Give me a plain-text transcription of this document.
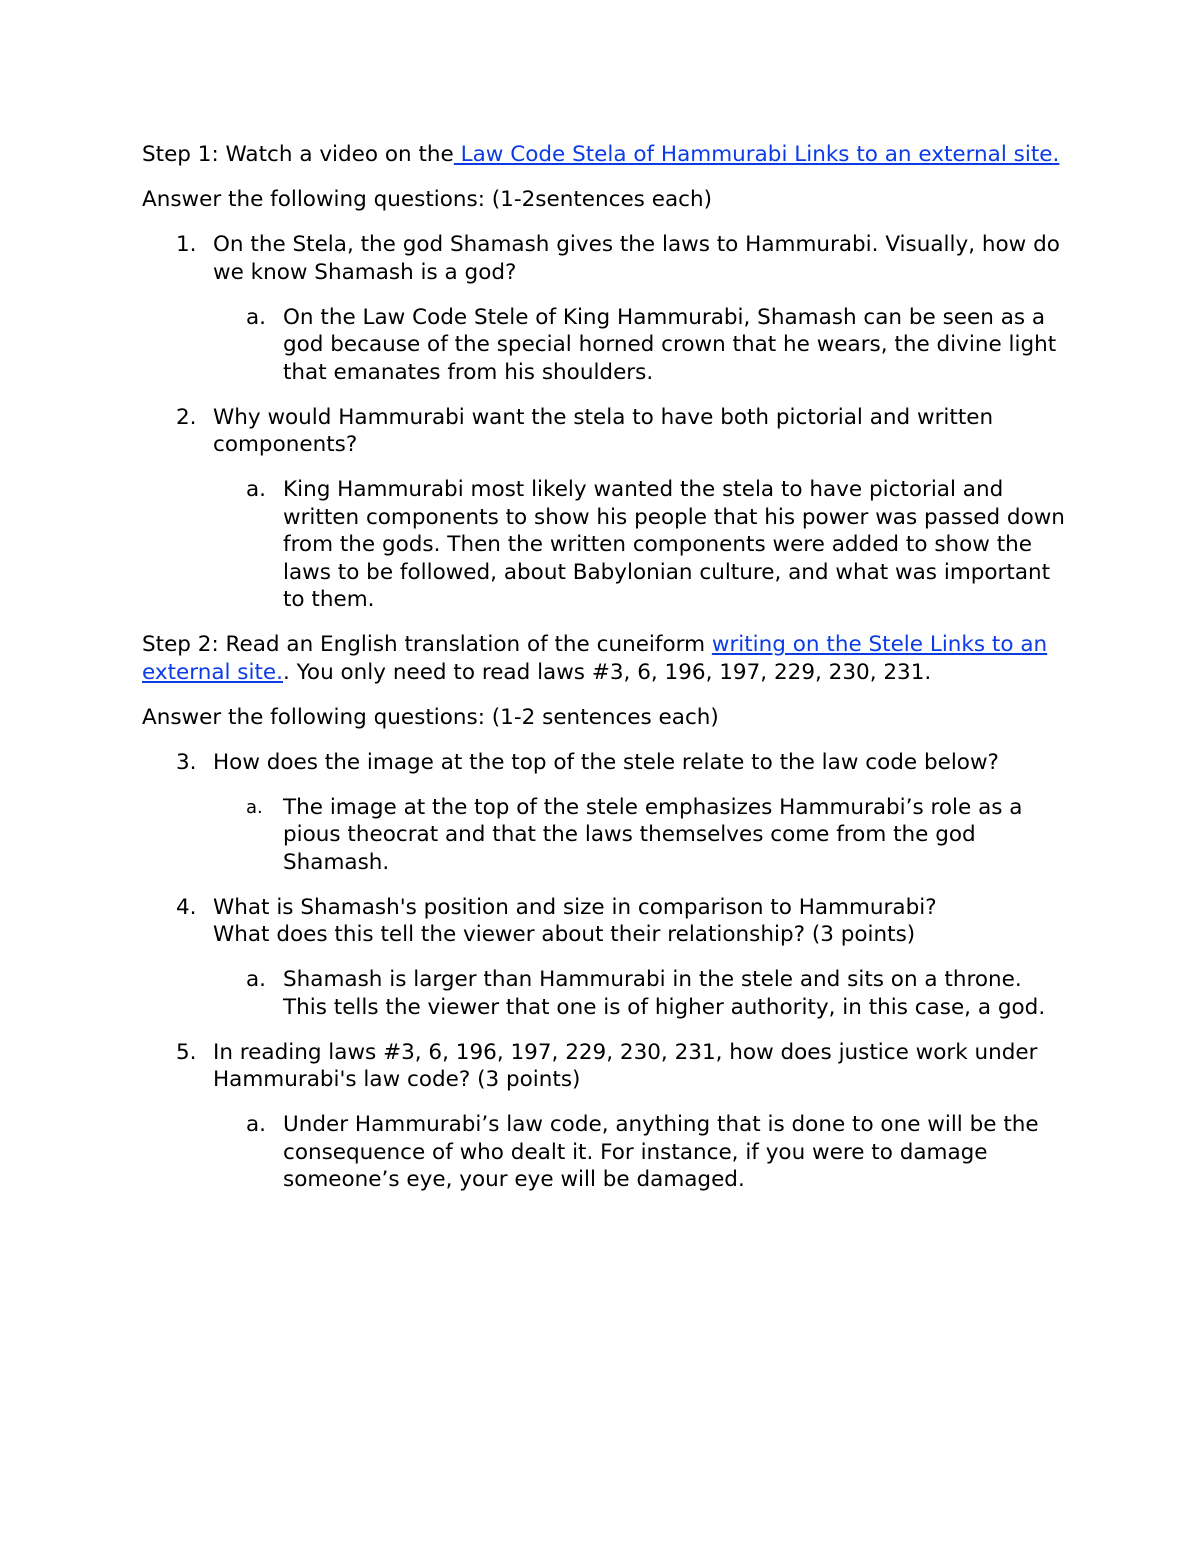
Step 1: Watch a video on the Law Code Stela of Hammurabi Links to an external site.

Answer the following questions: (1-2sentences each)

1. On the Stela, the god Shamash gives the laws to Hammurabi. Visually, how do we know Shamash is a god?
a. On the Law Code Stele of King Hammurabi, Shamash can be seen as a god because of the special horned crown that he wears, the divine light that emanates from his shoulders.
2. Why would Hammurabi want the stela to have both pictorial and written components?
a. King Hammurabi most likely wanted the stela to have pictorial and written components to show his people that his power was passed down from the gods. Then the written components were added to show the laws to be followed, about Babylonian culture, and what was important to them.

Step 2: Read an English translation of the cuneiform writing on the Stele Links to an external site.. You only need to read laws #3, 6, 196, 197, 229, 230, 231.

Answer the following questions: (1-2 sentences each)

3. How does the image at the top of the stele relate to the law code below?
a. The image at the top of the stele emphasizes Hammurabi’s role as a pious theocrat and that the laws themselves come from the god Shamash.
4. What is Shamash's position and size in comparison to Hammurabi?
What does this tell the viewer about their relationship? (3 points)
a. Shamash is larger than Hammurabi in the stele and sits on a throne. This tells the viewer that one is of higher authority, in this case, a god.
5. In reading laws #3, 6, 196, 197, 229, 230, 231, how does justice work under Hammurabi's law code? (3 points)
a. Under Hammurabi’s law code, anything that is done to one will be the consequence of who dealt it. For instance, if you were to damage someone’s eye, your eye will be damaged.
